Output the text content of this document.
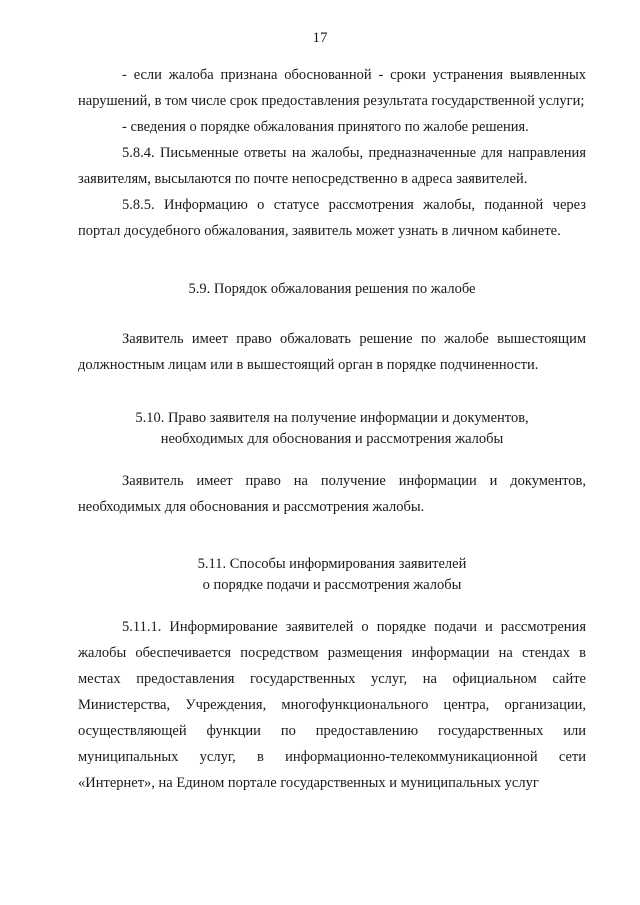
17

- если жалоба признана обоснованной - сроки устранения выявленных нарушений, в том числе срок предоставления результата государственной услуги;

- сведения о порядке обжалования принятого по жалобе решения.

5.8.4. Письменные ответы на жалобы, предназначенные для направления заявителям, высылаются по почте непосредственно в адреса заявителей.

5.8.5. Информацию о статусе рассмотрения жалобы, поданной через портал досудебного обжалования, заявитель может узнать в личном кабинете.

5.9. Порядок обжалования решения по жалобе

Заявитель имеет право обжаловать решение по жалобе вышестоящим должностным лицам или в вышестоящий орган в порядке подчиненности.

5.10. Право заявителя на получение информации и документов,
необходимых для обоснования и рассмотрения жалобы

Заявитель имеет право на получение информации и документов, необходимых для обоснования и рассмотрения жалобы.

5.11. Способы информирования заявителей
о порядке подачи и рассмотрения жалобы

5.11.1. Информирование заявителей о порядке подачи и рассмотрения жалобы обеспечивается посредством размещения информации на стендах в местах предоставления государственных услуг, на официальном сайте Министерства, Учреждения, многофункционального центра, организации, осуществляющей функции по предоставлению государственных или муниципальных услуг, в информационно-телекоммуникационной сети «Интернет», на Едином портале государственных и муниципальных услуг
